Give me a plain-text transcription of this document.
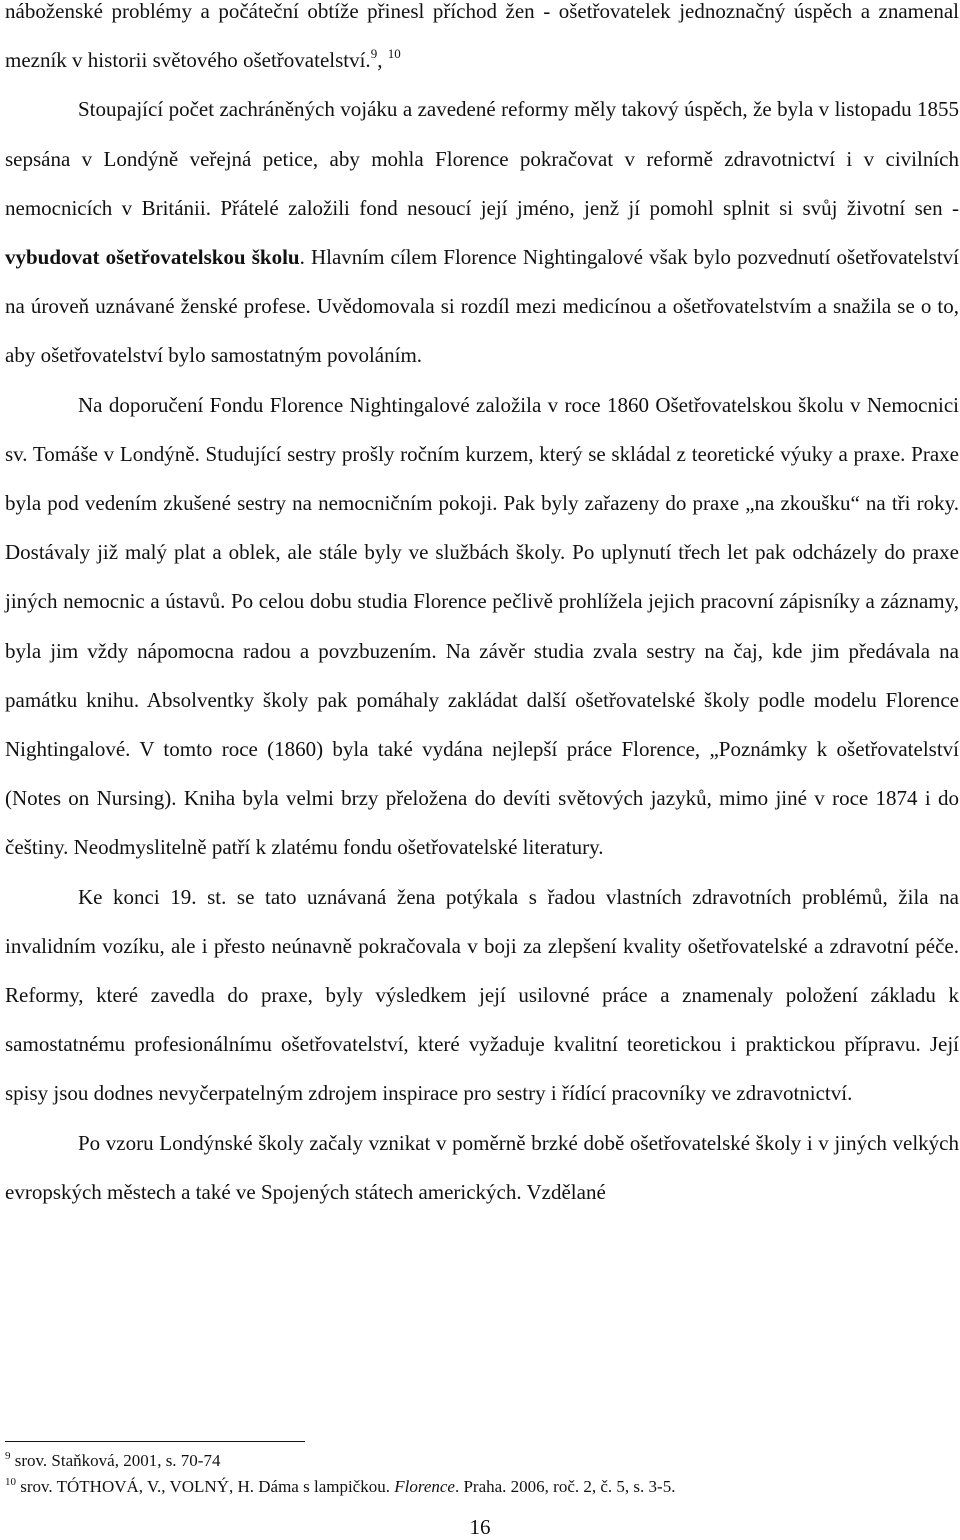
náboženské problémy a počáteční obtíže přinesl příchod žen - ošetřovatelek jednoznačný úspěch a znamenal mezník v historii světového ošetřovatelství.$^9$, $^{10}$

Stoupající počet zachráněných vojáku a zavedené reformy měly takový úspěch, že byla v listopadu 1855 sepsána v Londýně veřejná petice, aby mohla Florence pokračovat v reformě zdravotnictví i v civilních nemocnicích v Británii. Přátelé založili fond nesoucí její jméno, jenž jí pomohl splnit si svůj životní sen - vybudovat ošetřovatelskou školu. Hlavním cílem Florence Nightingalové však bylo pozvednutí ošetřovatelství na úroveň uznávané ženské profese. Uvědomovala si rozdíl mezi medicínou a ošetřovatelstvím a snažila se o to, aby ošetřovatelství bylo samostatným povoláním.

Na doporučení Fondu Florence Nightingalové založila v roce 1860 Ošetřovatelskou školu v Nemocnici sv. Tomáše v Londýně. Studující sestry prošly ročním kurzem, který se skládal z teoretické výuky a praxe. Praxe byla pod vedením zkušené sestry na nemocničním pokoji. Pak byly zařazeny do praxe „na zkoušku“ na tři roky. Dostávaly již malý plat a oblek, ale stále byly ve službách školy. Po uplynutí třech let pak odcházely do praxe jiných nemocnic a ústavů. Po celou dobu studia Florence pečlivě prohlížela jejich pracovní zápisníky a záznamy, byla jim vždy nápomocna radou a povzbuzením. Na závěr studia zvala sestry na čaj, kde jim předávala na památku knihu. Absolventky školy pak pomáhaly zakládat další ošetřovatelské školy podle modelu Florence Nightingalové. V tomto roce (1860) byla také vydána nejlepší práce Florence, „Poznámky k ošetřovatelství (Notes on Nursing). Kniha byla velmi brzy přeložena do devíti světových jazyků, mimo jiné v roce 1874 i do češtiny. Neodmyslitelně patří k zlatému fondu ošetřovatelské literatury.

Ke konci 19. st. se tato uznávaná žena potýkala s řadou vlastních zdravotních problémů, žila na invalidním vozíku, ale i přesto neúnavně pokračovala v boji za zlepšení kvality ošetřovatelské a zdravotní péče. Reformy, které zavedla do praxe, byly výsledkem její usilovné práce a znamenaly položení základu k samostatnému profesionálnímu ošetřovatelství, které vyžaduje kvalitní teoretickou i praktickou přípravu. Její spisy jsou dodnes nevyčerpatelným zdrojem inspirace pro sestry i řídící pracovníky ve zdravotnictví.

Po vzoru Londýnské školy začaly vznikat v poměrně brzké době ošetřovatelské školy i v jiných velkých evropských městech a také ve Spojených státech amerických. Vzdělané

$^9$ srov. Staňková, 2001, s. 70-74
$^{10}$ srov. TÓTHOVÁ, V., VOLNÝ, H. Dáma s lampičkou. Florence. Praha. 2006, roč. 2, č. 5, s. 3-5.
16
